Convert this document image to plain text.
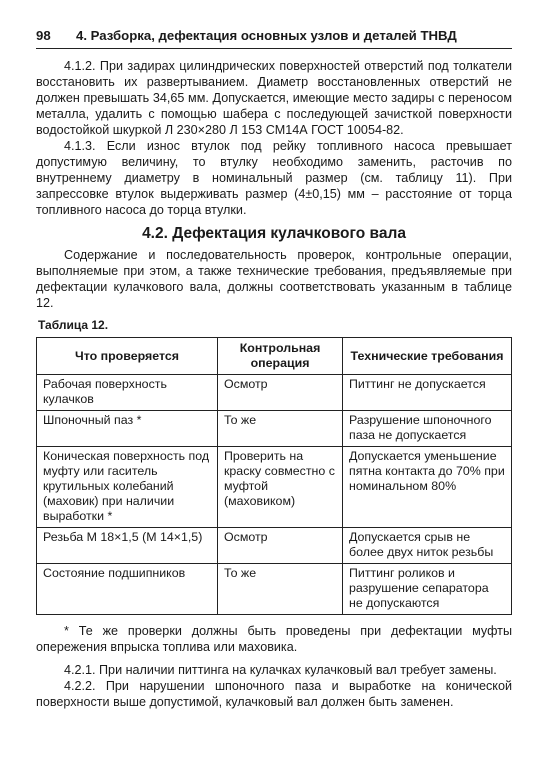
98	4. Разборка, дефектация основных узлов и деталей ТНВД

4.1.2. При задирах цилиндрических поверхностей отверстий под толкатели восстановить их развертыванием. Диаметр восстановленных отверстий не должен превышать 34,65 мм. Допускается, имеющие место задиры с переносом металла, удалить с помощью шабера с последующей зачисткой поверхности водостойкой шкуркой Л 230×280 Л 153 СМ14А ГОСТ 10054-82.

4.1.3. Если износ втулок под рейку топливного насоса превышает допустимую величину, то втулку необходимо заменить, расточив по внутреннему диаметру в номинальный размер (см. таблицу 11). При запрессовке втулок выдерживать размер (4±0,15) мм – расстояние от торца топливного насоса до торца втулки.

4.2. Дефектация кулачкового вала

Содержание и последовательность проверок, контрольные операции, выполняемые при этом, а также технические требования, предъявляемые при дефектации кулачкового вала, должны соответствовать указанным в таблице 12.

Таблица 12.
Что проверяется	Контрольная операция	Технические требования
Рабочая поверхность кулачков	Осмотр	Питтинг не допускается
Шпоночный паз *	То же	Разрушение шпоночного паза не допускается
Коническая поверхность под муфту или гаситель крутильных колебаний (маховик) при наличии выработки *	Проверить на краску совместно с муфтой (маховиком)	Допускается уменьшение пятна контакта до 70% при номинальном 80%
Резьба М 18×1,5 (М 14×1,5)	Осмотр	Допускается срыв не более двух ниток резьбы
Состояние подшипников	То же	Питтинг роликов и разрушение сепаратора не допускаются

* Те же проверки должны быть проведены при дефектации муфты опережения впрыска топлива или маховика.

4.2.1. При наличии питтинга на кулачках кулачковый вал требует замены.

4.2.2. При нарушении шпоночного паза и выработке на конической поверхности выше допустимой, кулачковый вал должен быть заменен.
